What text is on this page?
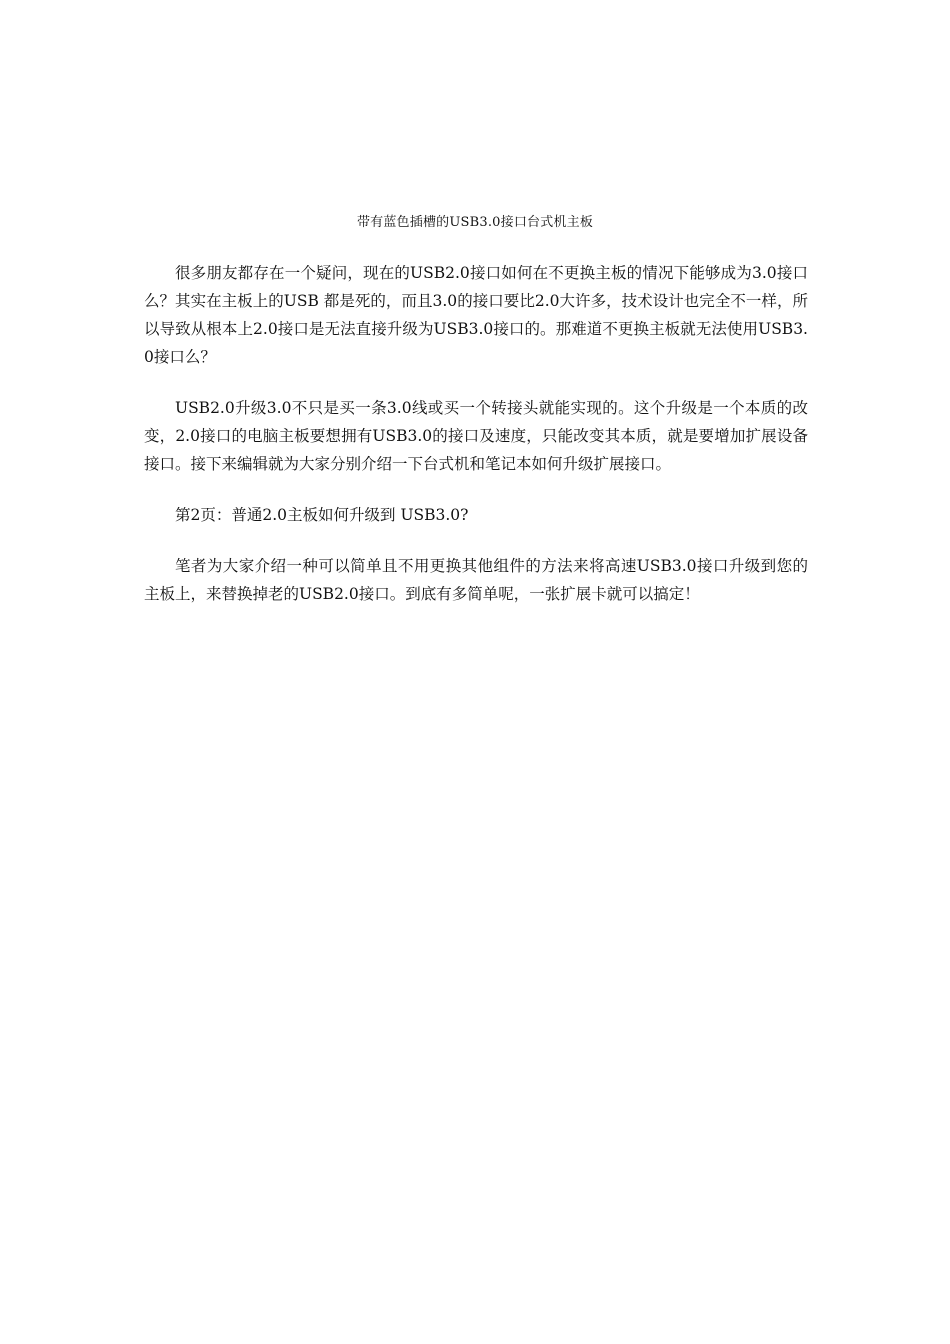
带有蓝色插槽的USB3.0接口台式机主板

很多朋友都存在一个疑问，现在的USB2.0接口如何在不更换主板的情况下能够成为3.0接口么？其实在主板上的USB 都是死的，而且3.0的接口要比2.0大许多，技术设计也完全不一样，所以导致从根本上2.0接口是无法直接升级为USB3.0接口的。那难道不更换主板就无法使用USB3.0接口么？

USB2.0升级3.0不只是买一条3.0线或买一个转接头就能实现的。这个升级是一个本质的改变，2.0接口的电脑主板要想拥有USB3.0的接口及速度，只能改变其本质，就是要增加扩展设备接口。接下来编辑就为大家分别介绍一下台式机和笔记本如何升级扩展接口。

第2页：普通2.0主板如何升级到 USB3.0?

笔者为大家介绍一种可以简单且不用更换其他组件的方法来将高速USB3.0接口升级到您的主板上，来替换掉老的USB2.0接口。到底有多简单呢，一张扩展卡就可以搞定！
